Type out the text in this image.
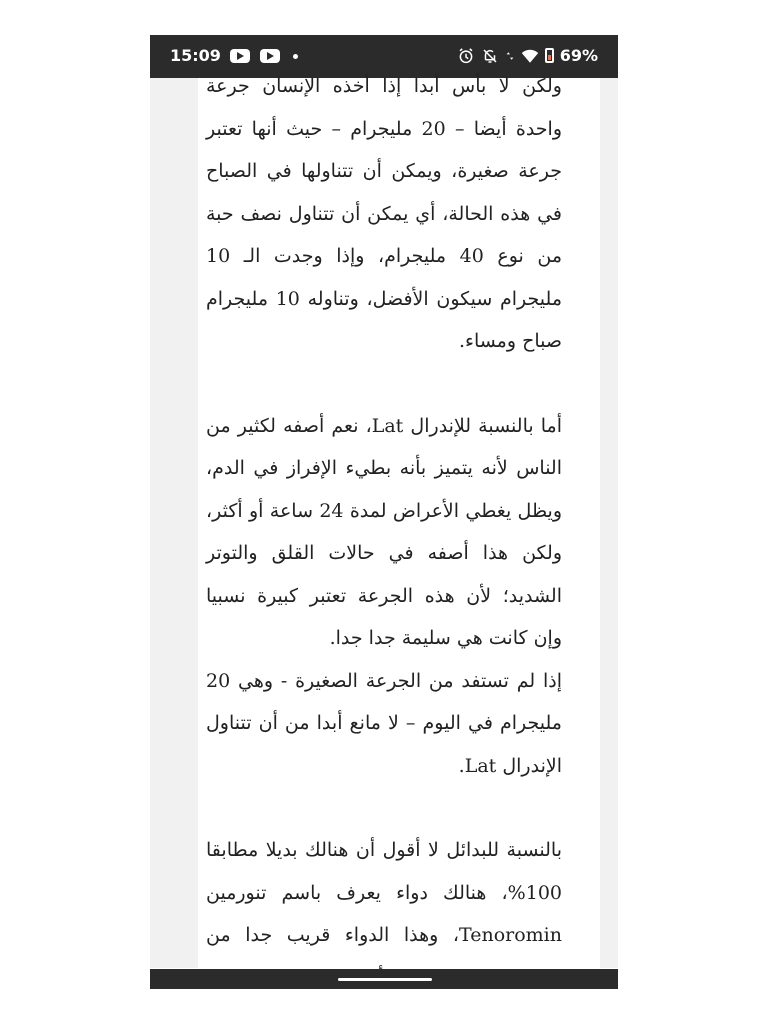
15:09	69%

ولكن لا بأس أبدا إذا أخذه الإنسان جرعة واحدة أيضا – 20 مليجرام – حيث أنها تعتبر جرعة صغيرة، ويمكن أن تتناولها في الصباح في هذه الحالة، أي يمكن أن تتناول نصف حبة من نوع 40 مليجرام، وإذا وجدت الـ 10 مليجرام سيكون الأفضل، وتناوله 10 مليجرام صباح ومساء.

أما بالنسبة للإندرال Lat، نعم أصفه لكثير من الناس لأنه يتميز بأنه بطيء الإفراز في الدم، ويظل يغطي الأعراض لمدة 24 ساعة أو أكثر، ولكن هذا أصفه في حالات القلق والتوتر الشديد؛ لأن هذه الجرعة تعتبر كبيرة نسبيا وإن كانت هي سليمة جدا جدا.

إذا لم تستفد من الجرعة الصغيرة - وهي 20 مليجرام في اليوم – لا مانع أبدا من أن تتناول الإندرال Lat.

بالنسبة للبدائل لا أقول أن هنالك بديلا مطابقا 100%، هنالك دواء يعرف باسم تنورمين Tenoromin، وهذا الدواء قريب جدا من
